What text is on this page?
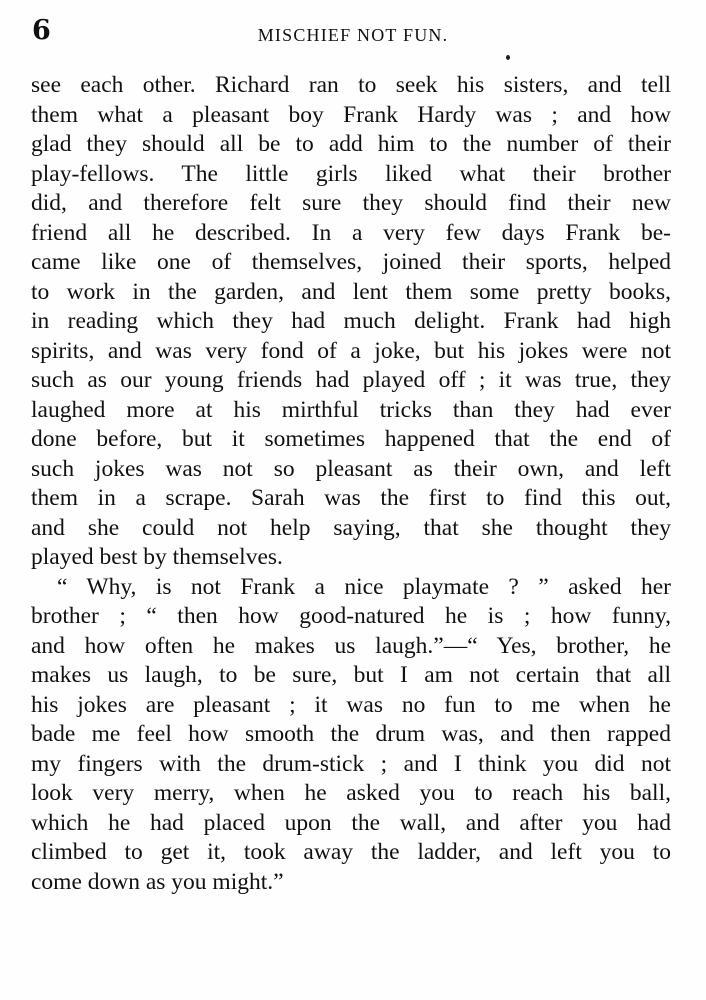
6	MISCHIEF NOT FUN.
see each other. Richard ran to seek his sisters, and tell
them what a pleasant boy Frank Hardy was ; and how
glad they should all be to add him to the number of their
play-fellows. The little girls liked what their brother
did, and therefore felt sure they should find their new
friend all he described. In a very few days Frank be-
came like one of themselves, joined their sports, helped
to work in the garden, and lent them some pretty books,
in reading which they had much delight. Frank had high
spirits, and was very fond of a joke, but his jokes were not
such as our young friends had played off ; it was true, they
laughed more at his mirthful tricks than they had ever
done before, but it sometimes happened that the end of
such jokes was not so pleasant as their own, and left
them in a scrape. Sarah was the first to find this out,
and she could not help saying, that she thought they
played best by themselves.
“ Why, is not Frank a nice playmate ? ” asked her
brother ; “ then how good-natured he is ; how funny,
and how often he makes us laugh.”—“ Yes, brother, he
makes us laugh, to be sure, but I am not certain that all
his jokes are pleasant ; it was no fun to me when he
bade me feel how smooth the drum was, and then rapped
my fingers with the drum-stick ; and I think you did not
look very merry, when he asked you to reach his ball,
which he had placed upon the wall, and after you had
climbed to get it, took away the ladder, and left you to
come down as you might.”
